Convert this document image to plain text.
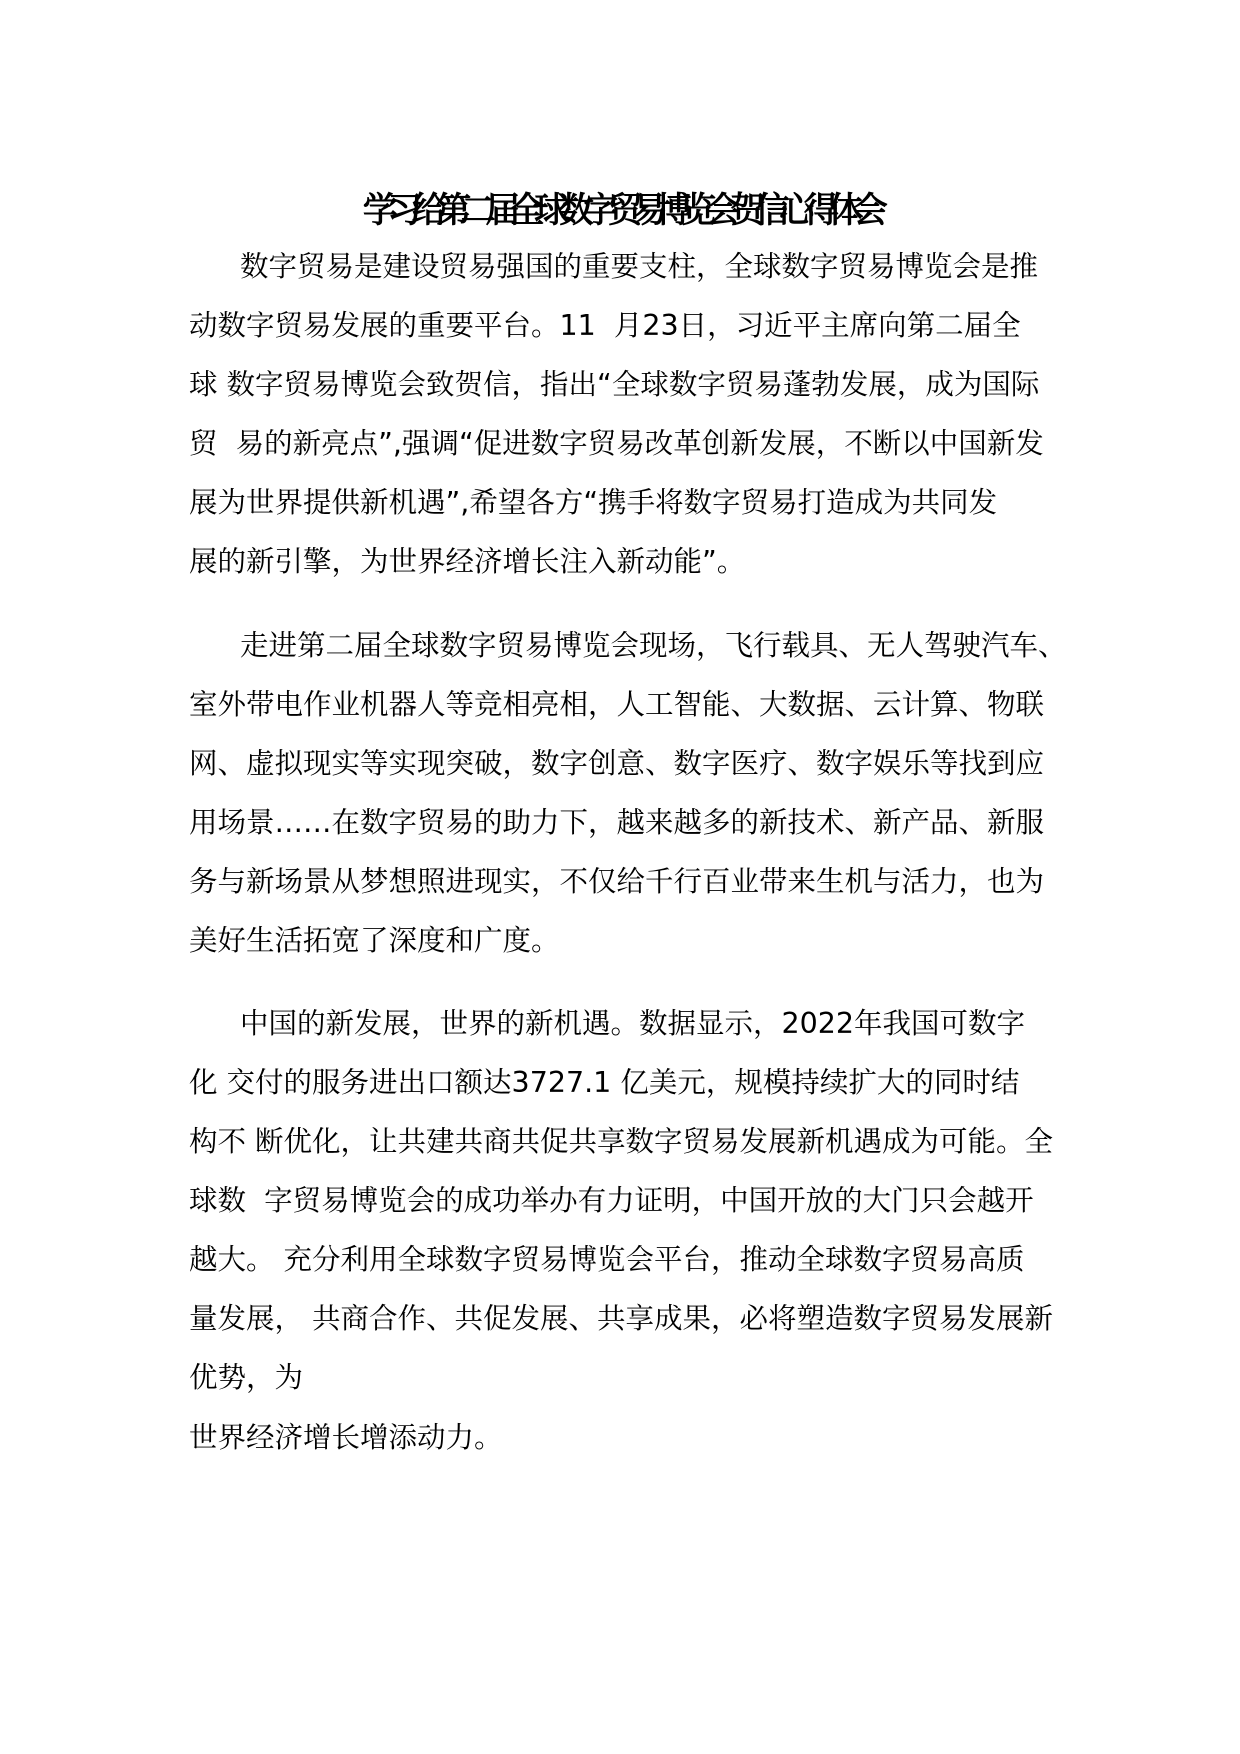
学习给第二届全球数字贸易博览会贺信心得体会
数字贸易是建设贸易强国的重要支柱，全球数字贸易博览会是推
动数字贸易发展的重要平台。11  月23日，习近平主席向第二届全
球 数字贸易博览会致贺信，指出“全球数字贸易蓬勃发展，成为国际
贸  易的新亮点”,强调“促进数字贸易改革创新发展，不断以中国新发
展为世界提供新机遇”,希望各方“携手将数字贸易打造成为共同发
展的新引擎，为世界经济增长注入新动能”。
走进第二届全球数字贸易博览会现场，飞行载具、无人驾驶汽车、
室外带电作业机器人等竞相亮相，人工智能、大数据、云计算、物联
网、虚拟现实等实现突破，数字创意、数字医疗、数字娱乐等找到应
用场景……在数字贸易的助力下，越来越多的新技术、新产品、新服
务与新场景从梦想照进现实，不仅给千行百业带来生机与活力，也为
美好生活拓宽了深度和广度。
中国的新发展，世界的新机遇。数据显示，2022年我国可数字
化 交付的服务进出口额达3727.1 亿美元，规模持续扩大的同时结
构不 断优化，让共建共商共促共享数字贸易发展新机遇成为可能。全
球数  字贸易博览会的成功举办有力证明，中国开放的大门只会越开
越大。 充分利用全球数字贸易博览会平台，推动全球数字贸易高质
量发展， 共商合作、共促发展、共享成果，必将塑造数字贸易发展新
优势，为
世界经济增长增添动力。
